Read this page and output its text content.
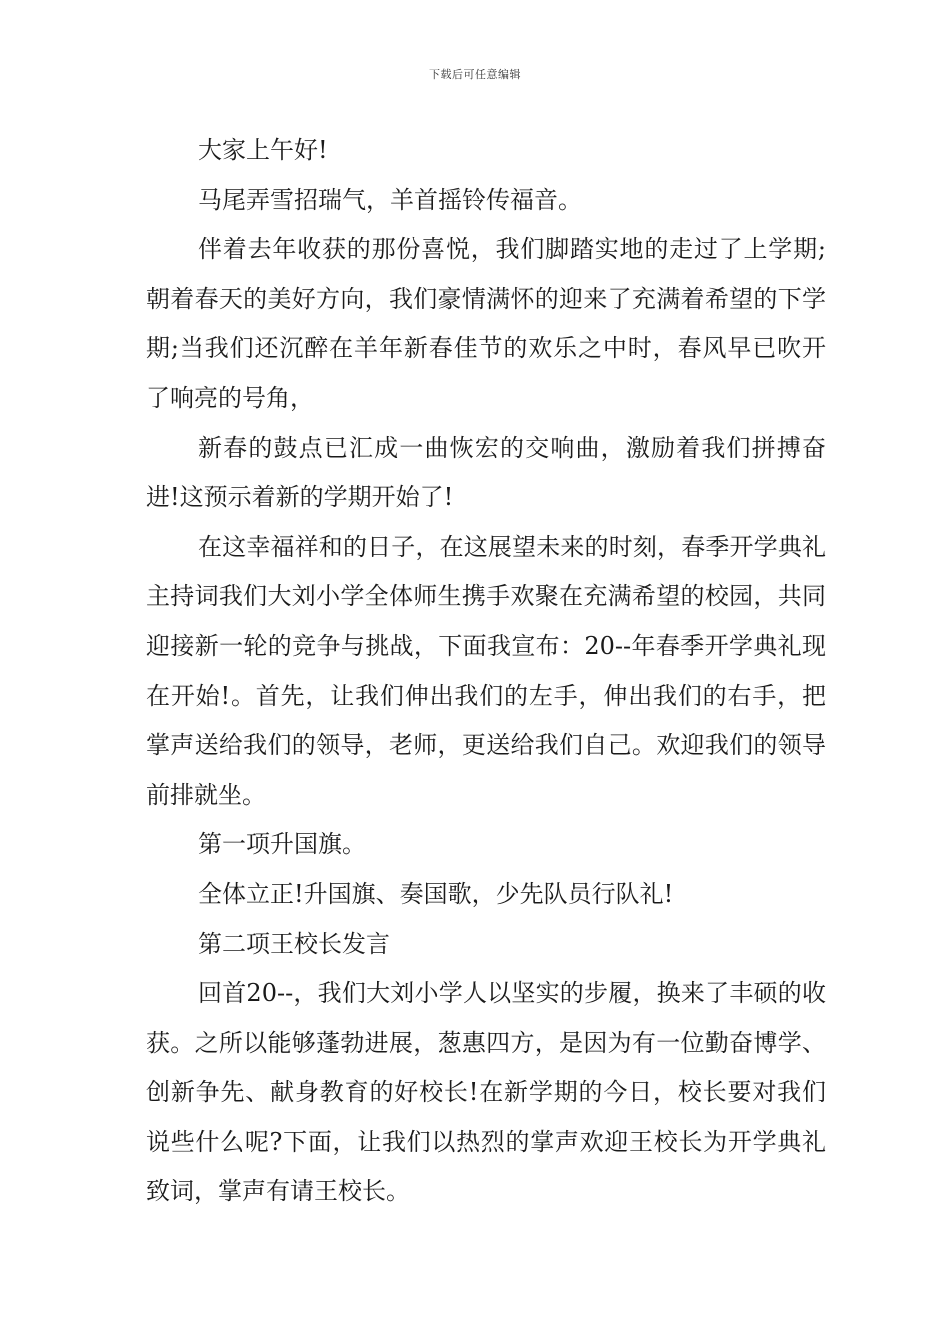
下载后可任意编辑

大家上午好!

马尾弄雪招瑞气，羊首摇铃传福音。

伴着去年收获的那份喜悦，我们脚踏实地的走过了上学期;朝着春天的美好方向，我们豪情满怀的迎来了充满着希望的下学期;当我们还沉醉在羊年新春佳节的欢乐之中时，春风早已吹开了响亮的号角，

新春的鼓点已汇成一曲恢宏的交响曲，激励着我们拼搏奋进!这预示着新的学期开始了!

在这幸福祥和的日子，在这展望未来的时刻，春季开学典礼主持词我们大刘小学全体师生携手欢聚在充满希望的校园，共同迎接新一轮的竞争与挑战，下面我宣布：20--年春季开学典礼现在开始!。首先，让我们伸出我们的左手，伸出我们的右手，把掌声送给我们的领导，老师，更送给我们自己。欢迎我们的领导前排就坐。

第一项升国旗。

全体立正!升国旗、奏国歌，少先队员行队礼!

第二项王校长发言

回首20--，我们大刘小学人以坚实的步履，换来了丰硕的收获。之所以能够蓬勃进展，葱惠四方，是因为有一位勤奋博学、创新争先、献身教育的好校长!在新学期的今日，校长要对我们说些什么呢?下面，让我们以热烈的掌声欢迎王校长为开学典礼致词，掌声有请王校长。
